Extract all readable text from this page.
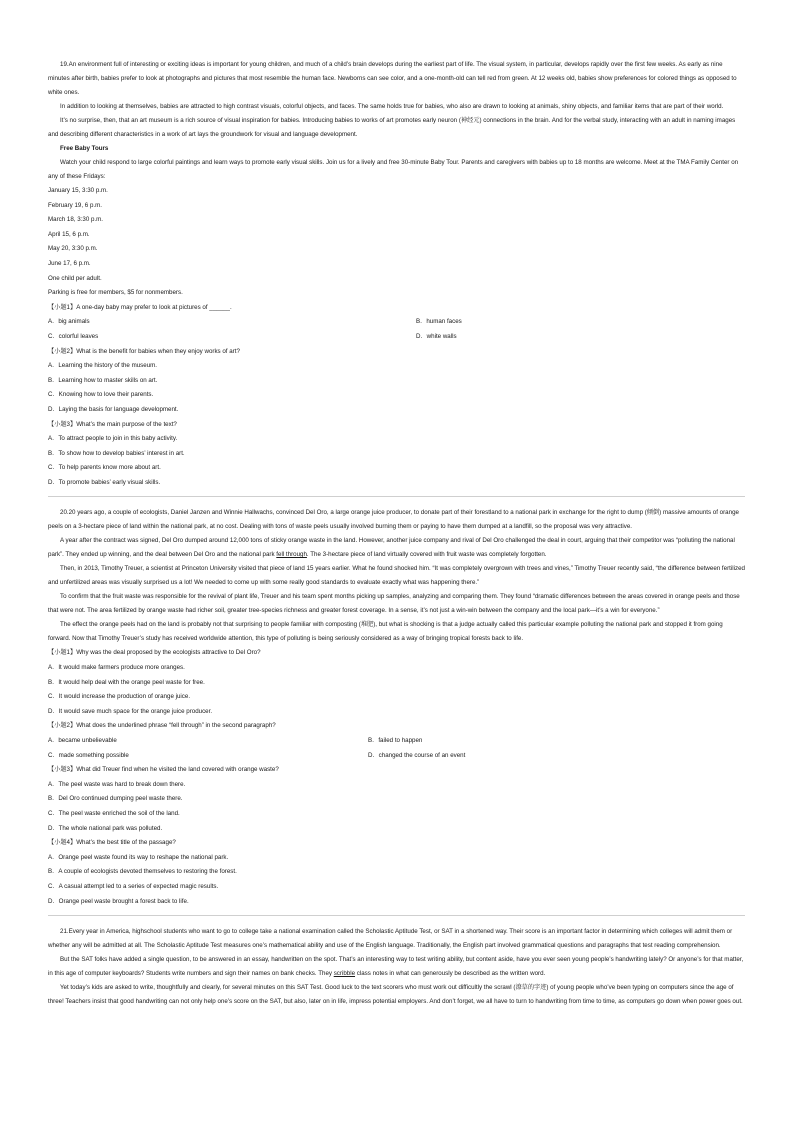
19.An environment full of interesting or exciting ideas is important for young children, and much of a child’s brain develops during the earliest part of life. The visual system, in particular, develops rapidly over the first few weeks. As early as nine minutes after birth, babies prefer to look at photographs and pictures that most resemble the human face. Newborns can see color, and a one-month-old can tell red from green. At 12 weeks old, babies show preferences for colored things as opposed to white ones.

In addition to looking at themselves, babies are attracted to high contrast visuals, colorful objects, and faces. The same holds true for babies, who also are drawn to looking at animals, shiny objects, and familiar items that are part of their world.

It’s no surprise, then, that an art museum is a rich source of visual inspiration for babies. Introducing babies to works of art promotes early neuron (神经元) connections in the brain. And for the verbal study, interacting with an adult in naming images and describing different characteristics in a work of art lays the groundwork for visual and language development.

Free Baby Tours

Watch your child respond to large colorful paintings and learn ways to promote early visual skills. Join us for a lively and free 30-minute Baby Tour. Parents and caregivers with babies up to 18 months are welcome. Meet at the TMA Family Center on any of these Fridays:

January 15, 3:30 p.m.

February 19, 6 p.m.

March 18, 3:30 p.m.

April 15, 6 p.m.

May 20, 3:30 p.m.

June 17, 6 p.m.

One child per adult.

Parking is free for members, $5 for nonmembers.

【小题1】A one-day baby may prefer to look at pictures of ______.

A．big animals	B．human faces
C．colorful leaves	D．white walls

【小题2】What is the benefit for babies when they enjoy works of art?

A．Learning the history of the museum.

B．Learning how to master skills on art.

C．Knowing how to love their parents.

D．Laying the basis for language development.

【小题3】What’s the main purpose of the text?

A．To attract people to join in this baby activity.

B．To show how to develop babies’ interest in art.

C．To help parents know more about art.

D．To promote babies’ early visual skills.

20.20 years ago, a couple of ecologists, Daniel Janzen and Winnie Hallwachs, convinced Del Oro, a large orange juice producer, to donate part of their forestland to a national park in exchange for the right to dump (倾倒) massive amounts of orange peels on a 3-hectare piece of land within the national park, at no cost. Dealing with tons of waste peels usually involved burning them or paying to have them dumped at a landfill, so the proposal was very attractive.

A year after the contract was signed, Del Oro dumped around 12,000 tons of sticky orange waste in the land. However, another juice company and rival of Del Oro challenged the deal in court, arguing that their competitor was “polluting the national park”. They ended up winning, and the deal between Del Oro and the national park fell through. The 3-hectare piece of land virtually covered with fruit waste was completely forgotten.

Then, in 2013, Timothy Treuer, a scientist at Princeton University visited that piece of land 15 years earlier. What he found shocked him. “It was completely overgrown with trees and vines,” Timothy Treuer recently said, “the difference between fertilized and unfertilized areas was visually surprised us a lot! We needed to come up with some really good standards to evaluate exactly what was happening there.”

To confirm that the fruit waste was responsible for the revival of plant life, Treuer and his team spent months picking up samples, analyzing and comparing them. They found “dramatic differences between the areas covered in orange peels and those that were not. The area fertilized by orange waste had richer soil, greater tree-species richness and greater forest coverage. In a sense, it’s not just a win-win between the company and the local park—it’s a win for everyone.”

The effect the orange peels had on the land is probably not that surprising to people familiar with composting (堆肥), but what is shocking is that a judge actually called this particular example polluting the national park and stopped it from going forward. Now that Timothy Treuer’s study has received worldwide attention, this type of polluting is being seriously considered as a way of bringing tropical forests back to life.

【小题1】Why was the deal proposed by the ecologists attractive to Del Oro?

A．It would make farmers produce more oranges.

B．It would help deal with the orange peel waste for free.

C．It would increase the production of orange juice.

D．It would save much space for the orange juice producer.

【小题2】What does the underlined phrase “fell through” in the second paragraph?

A．became unbelievable	B．failed to happen
C．made something possible	D．changed the course of an event

【小题3】What did Treuer find when he visited the land covered with orange waste?

A．The peel waste was hard to break down there.

B．Del Oro continued dumping peel waste there.

C．The peel waste enriched the soil of the land.

D．The whole national park was polluted.

【小题4】What’s the best title of the passage?

A．Orange peel waste found its way to reshape the national park.

B．A couple of ecologists devoted themselves to restoring the forest.

C．A casual attempt led to a series of expected magic results.

D．Orange peel waste brought a forest back to life.

21.Every year in America, highschool students who want to go to college take a national examination called the Scholastic Aptitude Test, or SAT in a shortened way. Their score is an important factor in determining which colleges will admit them or whether any will be admitted at all. The Scholastic Aptitude Test measures one’s mathematical ability and use of the English language. Traditionally, the English part involved grammatical questions and paragraphs that test reading comprehension.

But the SAT folks have added a single question, to be answered in an essay, handwritten on the spot. That’s an interesting way to test writing ability, but content aside, have you ever seen young people’s handwriting lately? Or anyone’s for that matter, in this age of computer keyboards? Students write numbers and sign their names on bank checks. They scribble class notes in what can generously be described as the written word.

Yet today’s kids are asked to write, thoughtfully and clearly, for several minutes on this SAT Test. Good luck to the text scorers who must work out difficultly the scrawl (潦草的字迹) of young people who’ve been typing on computers since the age of three! Teachers insist that good handwriting can not only help one’s score on the SAT, but also, later on in life, impress potential employers. And don’t forget, we all have to turn to handwriting from time to time, as computers go down when power goes out.
